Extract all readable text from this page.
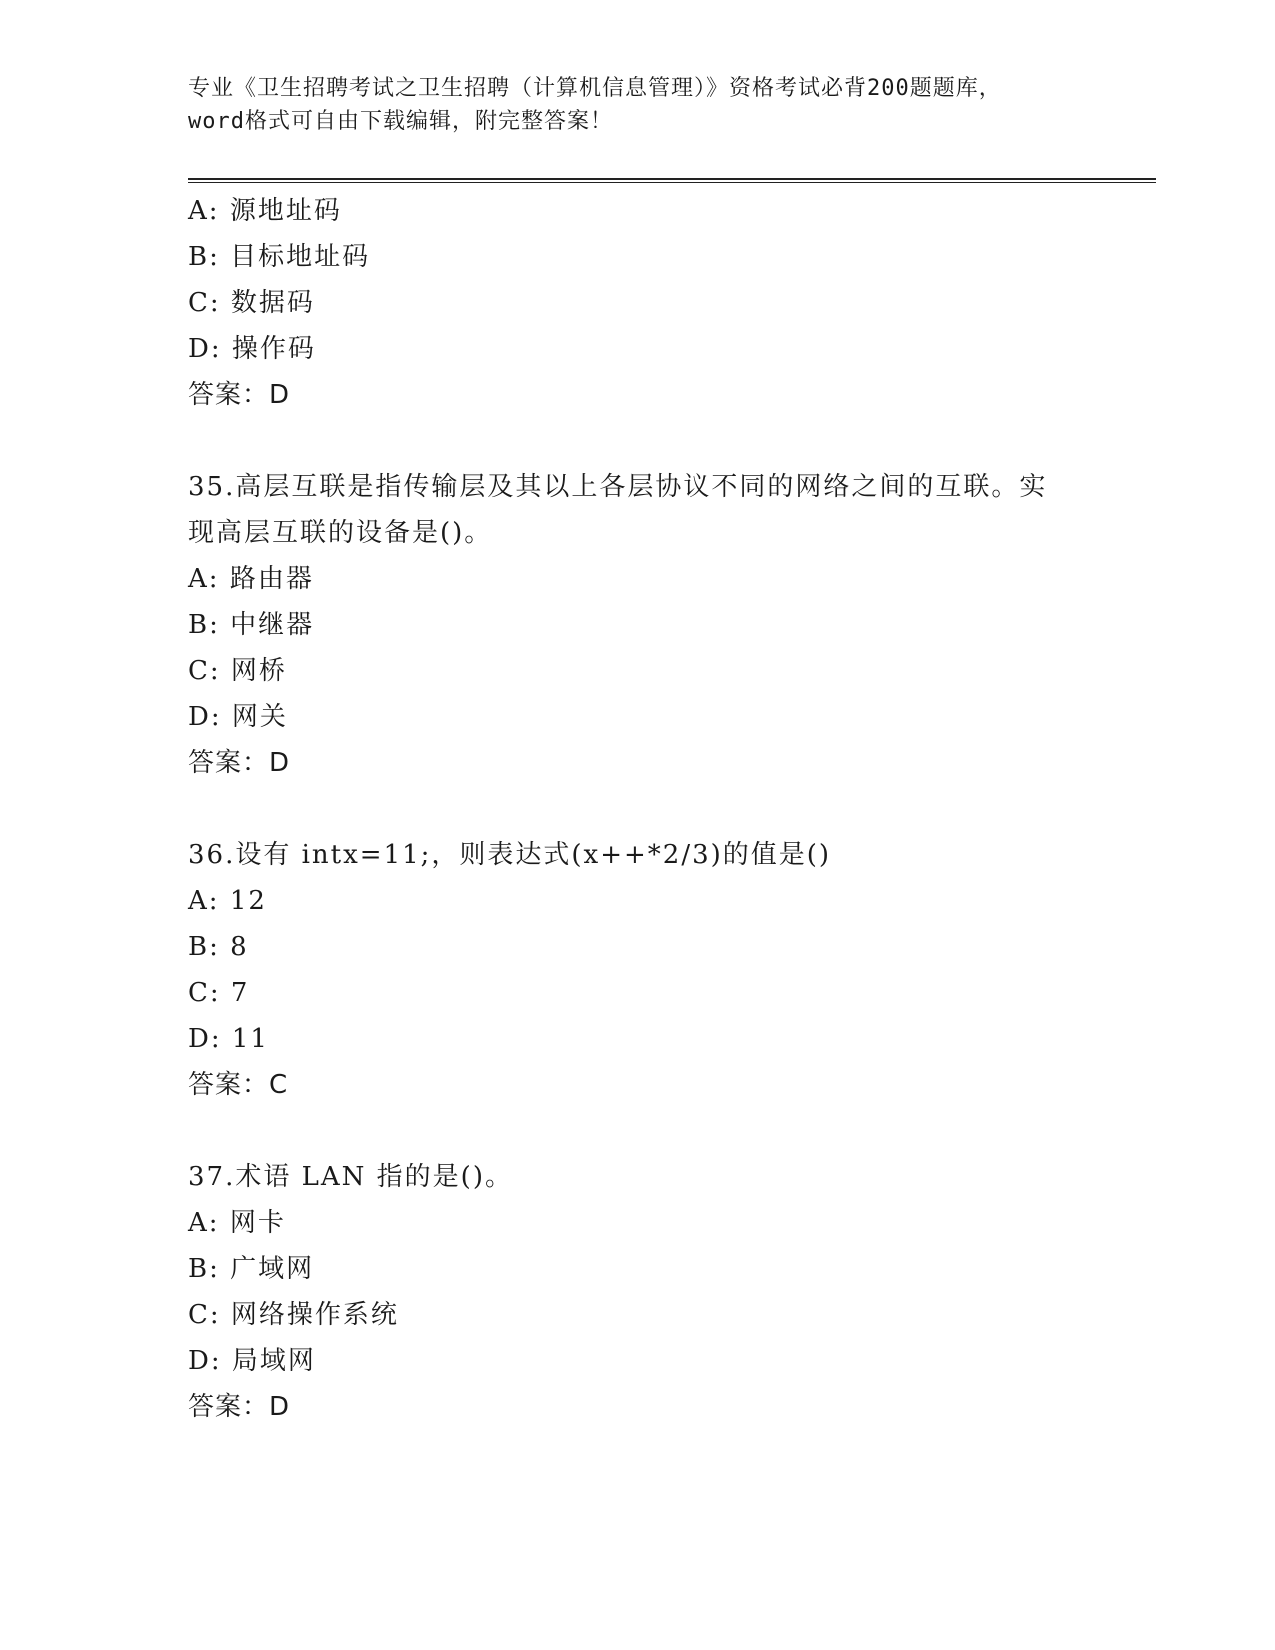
专业《卫生招聘考试之卫生招聘（计算机信息管理）》资格考试必背200题题库，
word格式可自由下载编辑，附完整答案！
A: 源地址码
B: 目标地址码
C: 数据码
D: 操作码
答案：D
35.高层互联是指传输层及其以上各层协议不同的网络之间的互联。实
现高层互联的设备是()。
A: 路由器
B: 中继器
C: 网桥
D: 网关
答案：D
36.设有 intx=11;，则表达式(x++*2/3)的值是()
A: 12
B: 8
C: 7
D: 11
答案：C
37.术语 LAN 指的是()。
A: 网卡
B: 广域网
C: 网络操作系统
D: 局域网
答案：D
